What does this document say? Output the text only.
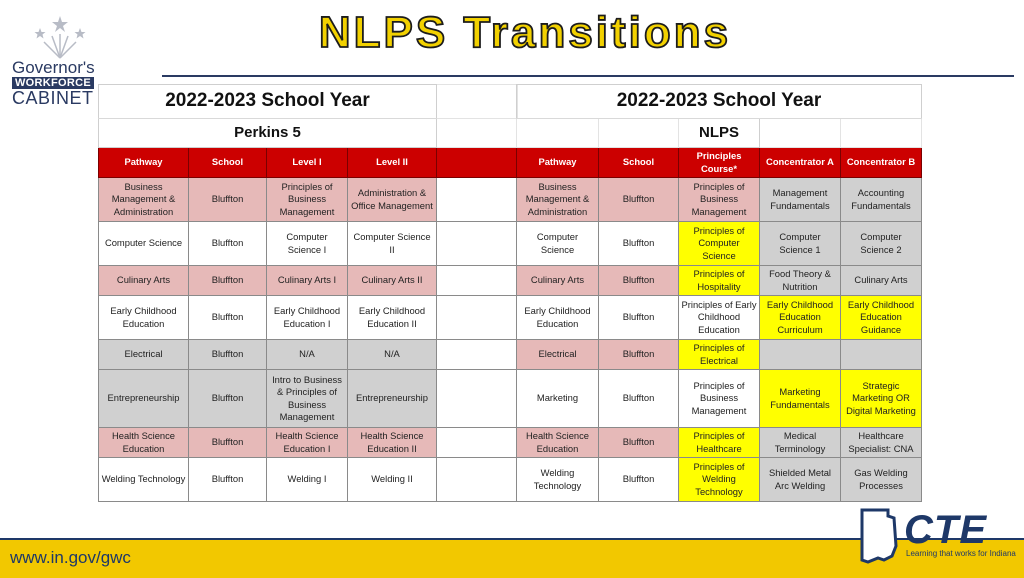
Governor's
WORKFORCE
CABINET
NLPS Transitions
2022-2023 School Year				
Perkins 5				
Pathway	School	Level I	Level II	
Business Management & Administration	Bluffton	Principles of Business Management	Administration & Office Management	
Computer Science	Bluffton	Computer Science I	Computer Science II	
Culinary Arts	Bluffton	Culinary Arts I	Culinary Arts II	
Early Childhood Education	Bluffton	Early Childhood Education I	Early Childhood Education II	
Electrical	Bluffton	N/A	N/A	
Entrepreneurship	Bluffton	Intro to Business & Principles of Business Management	Entrepreneurship	
Health Science Education	Bluffton	Health Science Education I	Health Science Education II	
Welding Technology	Bluffton	Welding I	Welding II	
2022-2023 School Year				
		NLPS		
Pathway	School	Principles Course*	Concentrator A	Concentrator B
Business Management & Administration	Bluffton	Principles of Business Management	Management Fundamentals	Accounting Fundamentals
Computer Science	Bluffton	Principles of Computer Science	Computer Science 1	Computer Science 2
Culinary Arts	Bluffton	Principles of Hospitality	Food Theory & Nutrition	Culinary Arts
Early Childhood Education	Bluffton	Principles of Early Childhood Education	Early Childhood Education Curriculum	Early Childhood Education Guidance
Electrical	Bluffton	Principles of Electrical		
Marketing	Bluffton	Principles of Business Management	Marketing Fundamentals	Strategic Marketing OR Digital Marketing
Health Science Education	Bluffton	Principles of Healthcare	Medical Terminology	Healthcare Specialist: CNA
Welding Technology	Bluffton	Principles of Welding Technology	Shielded Metal Arc Welding	Gas Welding Processes
www.in.gov/gwc
CTE
Learning that works for Indiana
